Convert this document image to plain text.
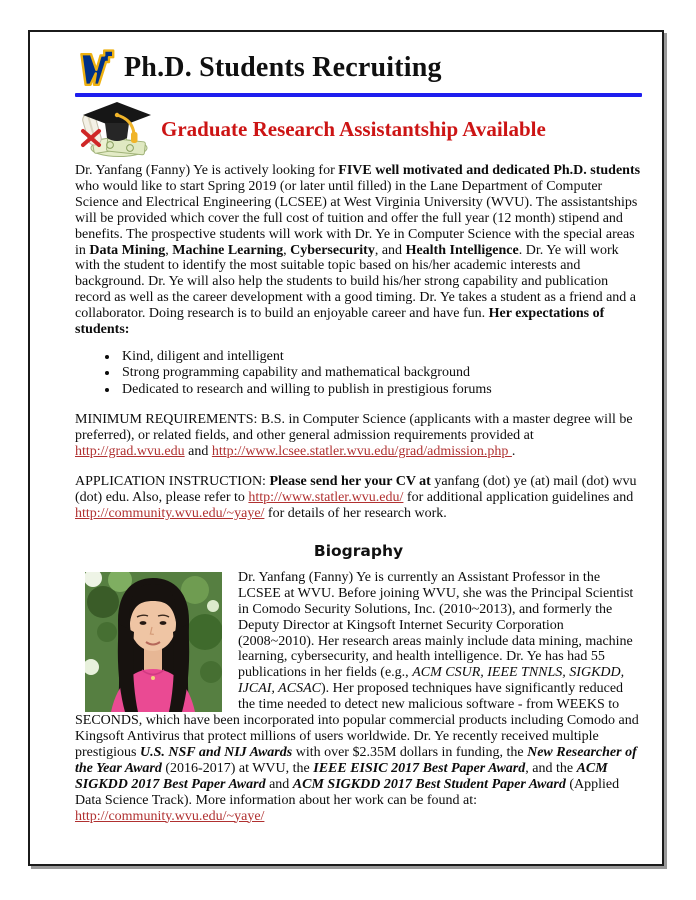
Ph.D. Students Recruiting
Graduate Research Assistantship Available

Dr. Yanfang (Fanny) Ye is actively looking for FIVE well motivated and dedicated Ph.D. students who would like to start Spring 2019 (or later until filled) in the Lane Department of Computer Science and Electrical Engineering (LCSEE) at West Virginia University (WVU). The assistantships will be provided which cover the full cost of tuition and offer the full year (12 month) stipend and benefits. The prospective students will work with Dr. Ye in Computer Science with the special areas in Data Mining, Machine Learning, Cybersecurity, and Health Intelligence. Dr. Ye will work with the student to identify the most suitable topic based on his/her academic interests and background. Dr. Ye will also help the students to build his/her strong capability and publication record as well as the career development with a good timing. Dr. Ye takes a student as a friend and a collaborator. Doing research is to build an enjoyable career and have fun. Her expectations of students:

• Kind, diligent and intelligent
• Strong programming capability and mathematical background
• Dedicated to research and willing to publish in prestigious forums

MINIMUM REQUIREMENTS: B.S. in Computer Science (applicants with a master degree will be preferred), or related fields, and other general admission requirements provided at http://grad.wvu.edu and http://www.lcsee.statler.wvu.edu/grad/admission.php .

APPLICATION INSTRUCTION: Please send her your CV at yanfang (dot) ye (at) mail (dot) wvu (dot) edu. Also, please refer to http://www.statler.wvu.edu/ for additional application guidelines and http://community.wvu.edu/~yaye/ for details of her research work.

Biography

Dr. Yanfang (Fanny) Ye is currently an Assistant Professor in the LCSEE at WVU. Before joining WVU, she was the Principal Scientist in Comodo Security Solutions, Inc. (2010~2013), and formerly the Deputy Director at Kingsoft Internet Security Corporation (2008~2010). Her research areas mainly include data mining, machine learning, cybersecurity, and health intelligence. Dr. Ye has had 55 publications in her fields (e.g., ACM CSUR, IEEE TNNLS, SIGKDD, IJCAI, ACSAC). Her proposed techniques have significantly reduced the time needed to detect new malicious software - from WEEKS to SECONDS, which have been incorporated into popular commercial products including Comodo and Kingsoft Antivirus that protect millions of users worldwide. Dr. Ye recently received multiple prestigious U.S. NSF and NIJ Awards with over $2.35M dollars in funding, the New Researcher of the Year Award (2016-2017) at WVU, the IEEE EISIC 2017 Best Paper Award, and the ACM SIGKDD 2017 Best Paper Award and ACM SIGKDD 2017 Best Student Paper Award (Applied Data Science Track). More information about her work can be found at: http://community.wvu.edu/~yaye/
